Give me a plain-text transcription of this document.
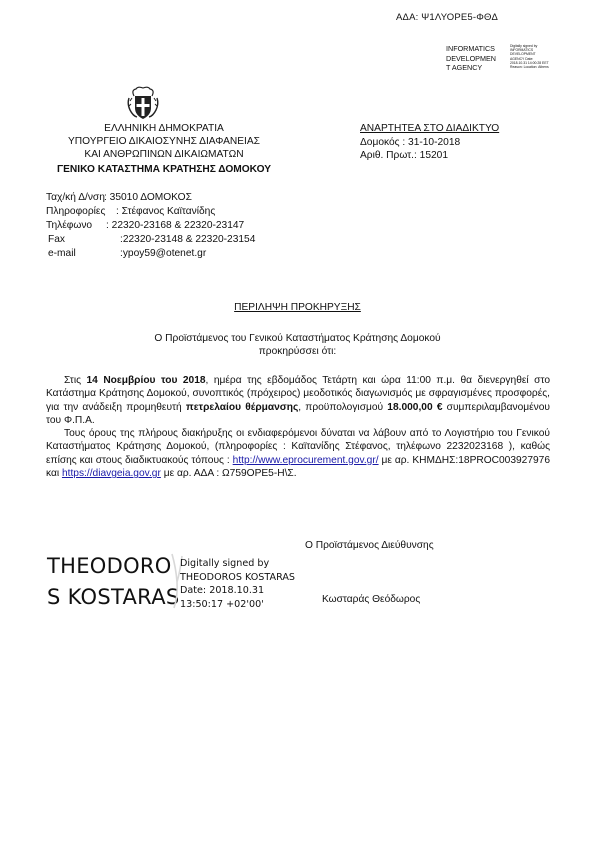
ΑΔΑ: Ψ1ΛΥΟΡΕ5-ΦΘΔ
INFORMATICS
DEVELOPMEN
T AGENCY
Digitally signed by INFORMATICS DEVELOPMENT AGENCY Date: 2018.10.31 14:00:28 EET Reason: Location: Athens
ΕΛΛΗΝΙΚΗ ΔΗΜΟΚΡΑΤΙΑ
ΥΠΟΥΡΓΕΙΟ ΔΙΚΑΙΟΣΥΝΗΣ ΔΙΑΦΑΝΕΙΑΣ
ΚΑΙ ΑΝΘΡΩΠΙΝΩΝ ΔΙΚΑΙΩΜΑΤΩΝ
ΓΕΝΙΚΟ ΚΑΤΑΣΤΗΜΑ ΚΡΑΤΗΣΗΣ ΔΟΜΟΚΟΥ
ΑΝΑΡΤΗΤΕΑ ΣΤΟ ΔΙΑΔΙΚΤΥΟ
Δομοκός : 31-10-2018
Αριθ. Πρωτ.: 15201
Ταχ/κή Δ/νση: 35010 ΔΟΜΟΚΟΣ
Πληροφορίες : Στέφανος Καϊτανίδης
Τηλέφωνο : 22320-23168 & 22320-23147
Fax	:22320-23148 & 22320-23154
e-mail	:ypoy59@otenet.gr
ΠΕΡΙΛΗΨΗ ΠΡΟΚΗΡΥΞΗΣ
Ο Προϊστάμενος του Γενικού Καταστήματος Κράτησης Δομοκού
προκηρύσσει ότι:

Στις 14 Νοεμβρίου του 2018, ημέρα της εβδομάδος Τετάρτη και ώρα 11:00 π.μ. θα διενεργηθεί στο Κατάστημα Κράτησης Δομοκού, συνοπτικός (πρόχειρος) μεοδοτικός διαγωνισμός με σφραγισμένες προσφορές, για την ανάδειξη προμηθευτή πετρελαίου θέρμανσης, προϋπολογισμού 18.000,00 € συμπεριλαμβανομένου του Φ.Π.Α.

Τους όρους της πλήρους διακήρυξης οι ενδιαφερόμενοι δύναται να λάβουν από το Λογιστήριο του Γενικού Καταστήματος Κράτησης Δομοκού, (πληροφορίες : Καϊτανίδης Στέφανος, τηλέφωνο 2232023168 ), καθώς επίσης και στους διαδικτυακούς τόπους : http://www.eprocurement.gov.gr/ με αρ. ΚΗΜΔΗΣ:18PROC003927976 και https://diavgeia.gov.gr με αρ. ΑΔΑ : Ω759ΟΡΕ5-Η\Σ.

Ο Προϊστάμενος Διεύθυνσης
Κωσταράς Θεόδωρος
THEODORO
S KOSTARAS
Digitally signed by
THEODOROS KOSTARAS
Date: 2018.10.31
13:50:17 +02'00'
